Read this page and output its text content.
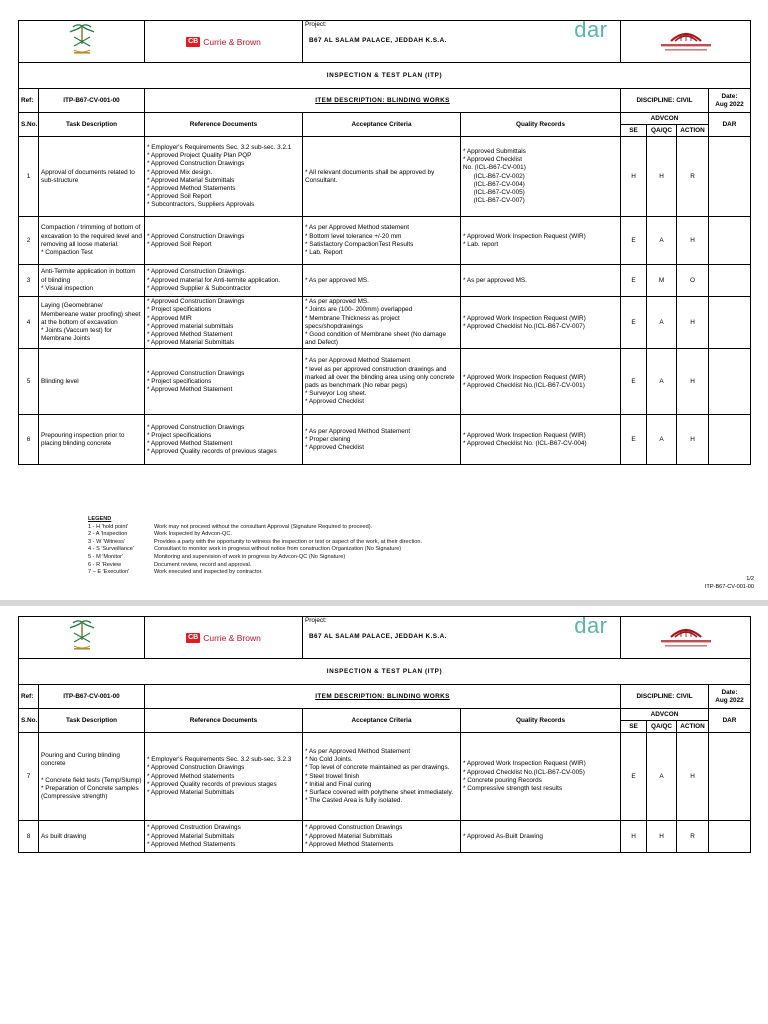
CB Currie & Brown

Project:	dar
B67 AL SALAM PALACE, JEDDAH K.S.A.

INSPECTION & TEST PLAN (ITP)
Ref:	ITP-B67-CV-001-00	ITEM DESCRIPTION: BLINDING WORKS	DISCIPLINE: CIVIL	Date:
Aug 2022
S.No.	Task Description	Reference Documents	Acceptance Criteria	Quality Records	ADVCON	DAR
SE	QA/QC	ACTION
1	Approval of documents related to sub-structure	* Employer's Requirements Sec. 3.2 sub-sec. 3.2.1
* Approved Project Quality Plan PQP
* Approved Construction Drawings
* Approved Mix design.
* Approved Material Submittals
* Approved Method Statements
* Approved Soil Report
* Subcontractors, Suppliers Approvals	* All relevant documents shall be approved by Consultant.	* Approved Submittals
* Approved Checklist
No. (ICL-B67-CV-001)
(ICL-B67-CV-002)
(ICL-B67-CV-004)
(ICL-B67-CV-005)
(ICL-B67-CV-007)	H	H	R	
2	Compaction / trimming of bottom of excavation to the required level and removing all loose material.
* Compaction Test	* Approved Construction Drawings
* Approved Soil Report	* As per Approved Method statement
* Bottom level tolerance +/-20 mm
* Satisfactory CompactionTest Results
* Lab. Report	* Approved Work Inspection Request (WIR)
* Lab. report	E	A	H	
3	Anti-Termite application in bottom of blinding
* Visual inspection	* Approved Construction Drawings.
* Approved material for Anti-termite application.
* Approved Supplier & Subcontractor	* As per approved MS.	* As per approved MS.	E	M	O	
4	Laying (Geomebrane/ Membereane water proofing) sheet at the bottom of excavation
* Joints (Vaccum test) for Membrane Joints	* Approved Construction Drawings
* Project specifications
* Approved MIR
* Approved material submittals
* Approved Method Statement
* Approved Material Submittals	* As per approved MS.
* Joints are (100- 200mm) overlapped
* Membrane Thickness as project specs/shopdrawings
* Good condition of Membrane sheet (No damage and Defect)	* Approved Work Inspection Request (WIR)
* Approved Checklist No.(ICL-B67-CV-007)	E	A	H	
5	Blinding level	* Approved Construction Drawings
* Project specifications
* Approved Method Statement	* As per Approved Method Statement
* level as per approved construction drawings and marked all over the blinding area using only concrete pads as benchmark (No rebar pegs)
* Surveyor Log sheet.
* Approved Checklist	* Approved Work Inspection Request (WIR)
* Approved Checklist No.(ICL-B67-CV-001)	E	A	H	
6	Prepouring inspection prior to placing blinding concrete	* Approved Construction Drawings
* Project specifications
* Approved Method Statement
* Approved Quality records of previous stages	* As per Approved Method Statement
* Proper clening
* Approved Checklist	* Approved Work Inspection Request (WIR)
* Approved Checklist No. (ICL-B67-CV-004)	E	A	H	
LEGEND
1 - H 'hold point'	Work may not proceed without the consultant Approval (Signature Required to proceed).
2 - A 'Inspection	Work Inspected by Advcon-QC.
3 - W 'Witness'	Provides a party with the opportunity to witness the inspection or test or aspect of the work, at their direction.
4 - S 'Surveillance'	Consultant to monitor work in progress without notice from construction Organization (No Signature)
5 - M 'Monitor'	Monitoring and supervision of work in progress by Advcon-QC (No Signature)
6 - R 'Review	Document review, record and approval.
7 – E 'Execution'	Work executed and inspected by contractor.
1/2
ITP-B67-CV-001-00

CB Currie & Brown

Project:	dar
B67 AL SALAM PALACE, JEDDAH K.S.A.

INSPECTION & TEST PLAN (ITP)
Ref:	ITP-B67-CV-001-00	ITEM DESCRIPTION: BLINDING WORKS	DISCIPLINE: CIVIL	Date:
Aug 2022
S.No.	Task Description	Reference Documents	Acceptance Criteria	Quality Records	ADVCON	DAR
SE	QA/QC	ACTION
7	Pouring and Curing blinding concrete

* Concrete field tests (Temp/Slump)
* Preparation of Concrete samples (Compressive strength)	* Employer's Requirements Sec. 3.2 sub-sec. 3.2.3
* Approved Construction Drawings
* Approved Method statements
* Approved Quality records of previous stages
* Approved Material Submittals	* As per Approved Method Statement
* No Cold Joints.
* Top level of concrete maintained as per drawings.
* Steel trowel finish
* Initial and Final curing
* Surface covered with polythene sheet immediately.
* The Casted Area is fully isolated.	* Approved Work Inspection Request (WIR)
* Approved Checklist No.(ICL-B67-CV-005)
* Concrete pouring Records
* Compressive strength test results	E	A	H	
8	As built drawing	* Approved Cnstruction Drawings
* Approved Material Submittals
* Approved Method Statements	* Approved Construction Drawings
* Approved Material Submittals
* Approved Method Statements	* Approved As-Built Drawing	H	H	R	
